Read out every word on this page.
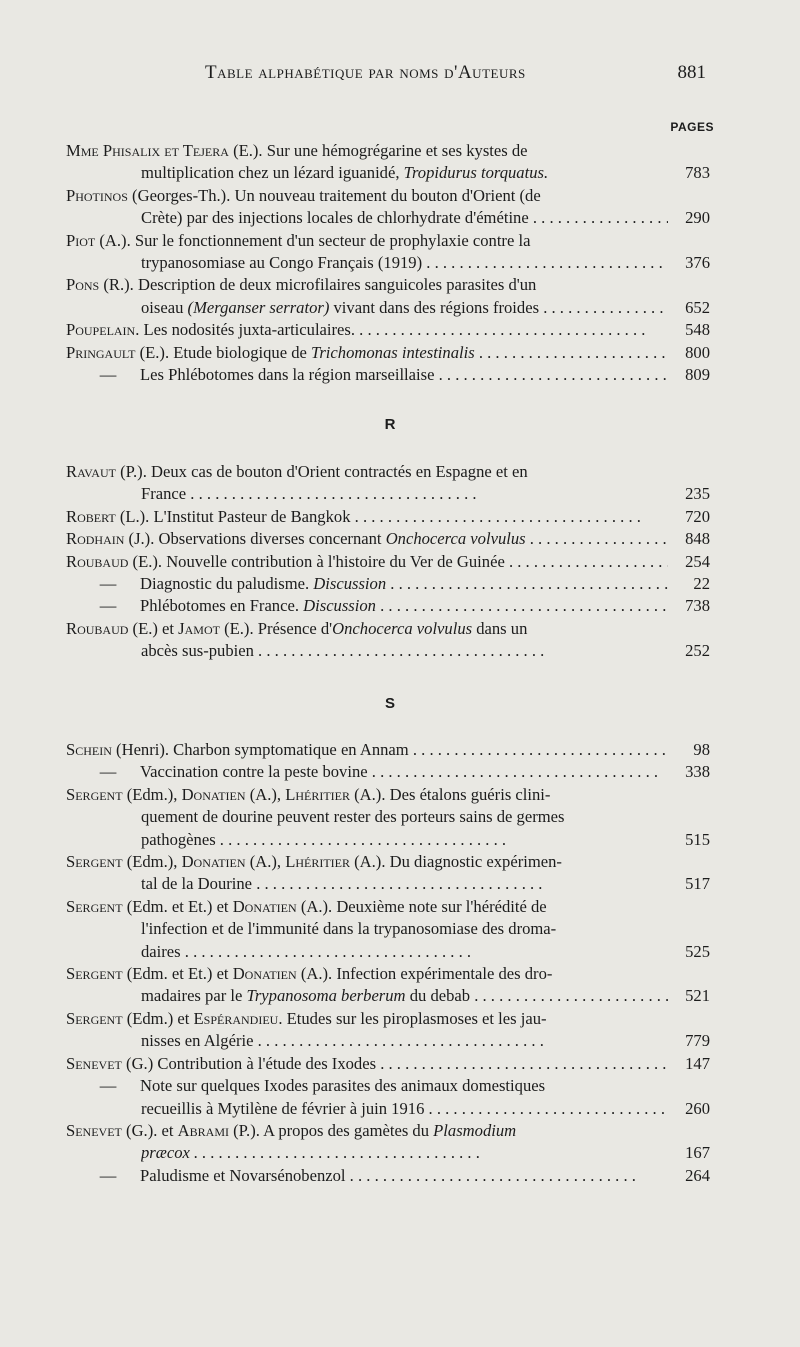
Table alphabétique par noms d'Auteurs	881
PAGES
Mme Phisalix et Tejera (E.). Sur une hémogrégarine et ses kystes de
multiplication chez un lézard iguanidé, Tropidurus torquatus.	783
Photinos (Georges-Th.). Un nouveau traitement du bouton d'Orient (de
Crète) par des injections locales de chlorhydrate d'émétine . .	290
Piot (A.). Sur le fonctionnement d'un secteur de prophylaxie contre la
trypanosomiase au Congo Français (1919) . .	376
Pons (R.). Description de deux microfilaires sanguicoles parasites d'un
oiseau (Merganser serrator) vivant dans des régions froides . .	652
Poupelain. Les nodosités juxta-articulaires. . .	548
Pringault (E.). Etude biologique de Trichomonas intestinalis . .	800
— Les Phlébotomes dans la région marseillaise . .	809
R
Ravaut (P.). Deux cas de bouton d'Orient contractés en Espagne et en
France . .	235
Robert (L.). L'Institut Pasteur de Bangkok . .	720
Rodhain (J.). Observations diverses concernant Onchocerca volvulus . .	848
Roubaud (E.). Nouvelle contribution à l'histoire du Ver de Guinée . .	254
— Diagnostic du paludisme. Discussion . .	22
— Phlébotomes en France. Discussion . .	738
Roubaud (E.) et Jamot (E.). Présence d'Onchocerca volvulus dans un
abcès sus-pubien . .	252
S
Schein (Henri). Charbon symptomatique en Annam . .	98
— Vaccination contre la peste bovine . .	338
Sergent (Edm.), Donatien (A.), Lhéritier (A.). Des étalons guéris clini-
quement de dourine peuvent rester des porteurs sains de germes
pathogènes . .	515
Sergent (Edm.), Donatien (A.), Lhéritier (A.). Du diagnostic expérimen-
tal de la Dourine . .	517
Sergent (Edm. et Et.) et Donatien (A.). Deuxième note sur l'hérédité de
l'infection et de l'immunité dans la trypanosomiase des droma-
daires . .	525
Sergent (Edm. et Et.) et Donatien (A.). Infection expérimentale des dro-
madaires par le Trypanosoma berberum du debab . .	521
Sergent (Edm.) et Espérandieu. Etudes sur les piroplasmoses et les jau-
nisses en Algérie . .	779
Senevet (G.) Contribution à l'étude des Ixodes . .	147
— Note sur quelques Ixodes parasites des animaux domestiques
recueillis à Mytilène de février à juin 1916 . .	260
Senevet (G.). et Abrami (P.). A propos des gamètes du Plasmodium
præcox . .	167
— Paludisme et Novarsénobenzol . .	264
